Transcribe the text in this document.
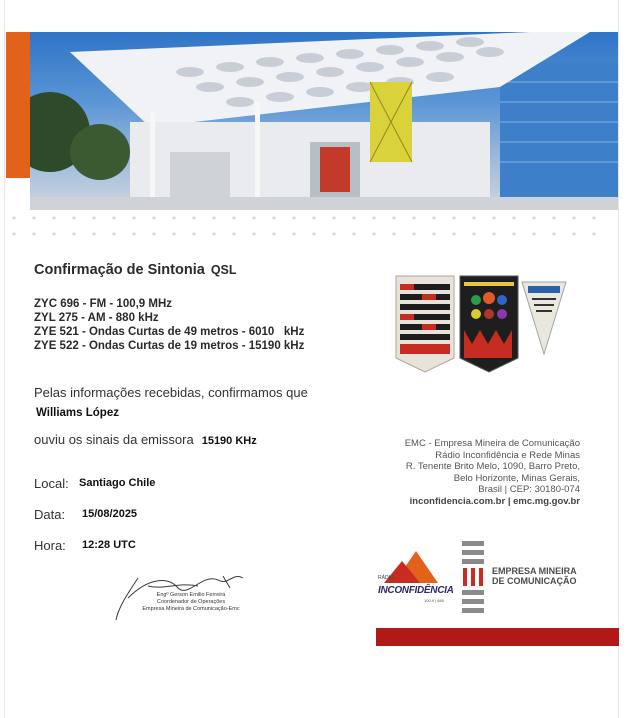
Confirmação de Sintonia QSL
ZYC 696 - FM - 100,9 MHz
ZYL 275 - AM - 880 kHz
ZYE 521 - Ondas Curtas de 49 metros - 6010   kHz
ZYE 522 - Ondas Curtas de 19 metros - 15190 kHz
Pelas informações recebidas, confirmamos que
Williams López
ouviu os sinais da emissora 15190 KHz
Local: Santiago Chile
Data: 15/08/2025
Hora: 12:28 UTC
Engº Gerson Emilio Ferreira
Coordenador de Operações
Empresa Mineira de Comunicação-Emc
EMC - Empresa Mineira de Comunicação
Rádio Inconfidência e Rede Minas
R. Tenente Brito Melo, 1090, Barro Preto,
Belo Horizonte, Minas Gerais,
Brasil | CEP: 30180-074
inconfidencia.com.br | emc.mg.gov.br
RÁDIO
INCONFIDÊNCIA
100,9 | 880
EMPRESA MINEIRA
DE COMUNICAÇÃO
